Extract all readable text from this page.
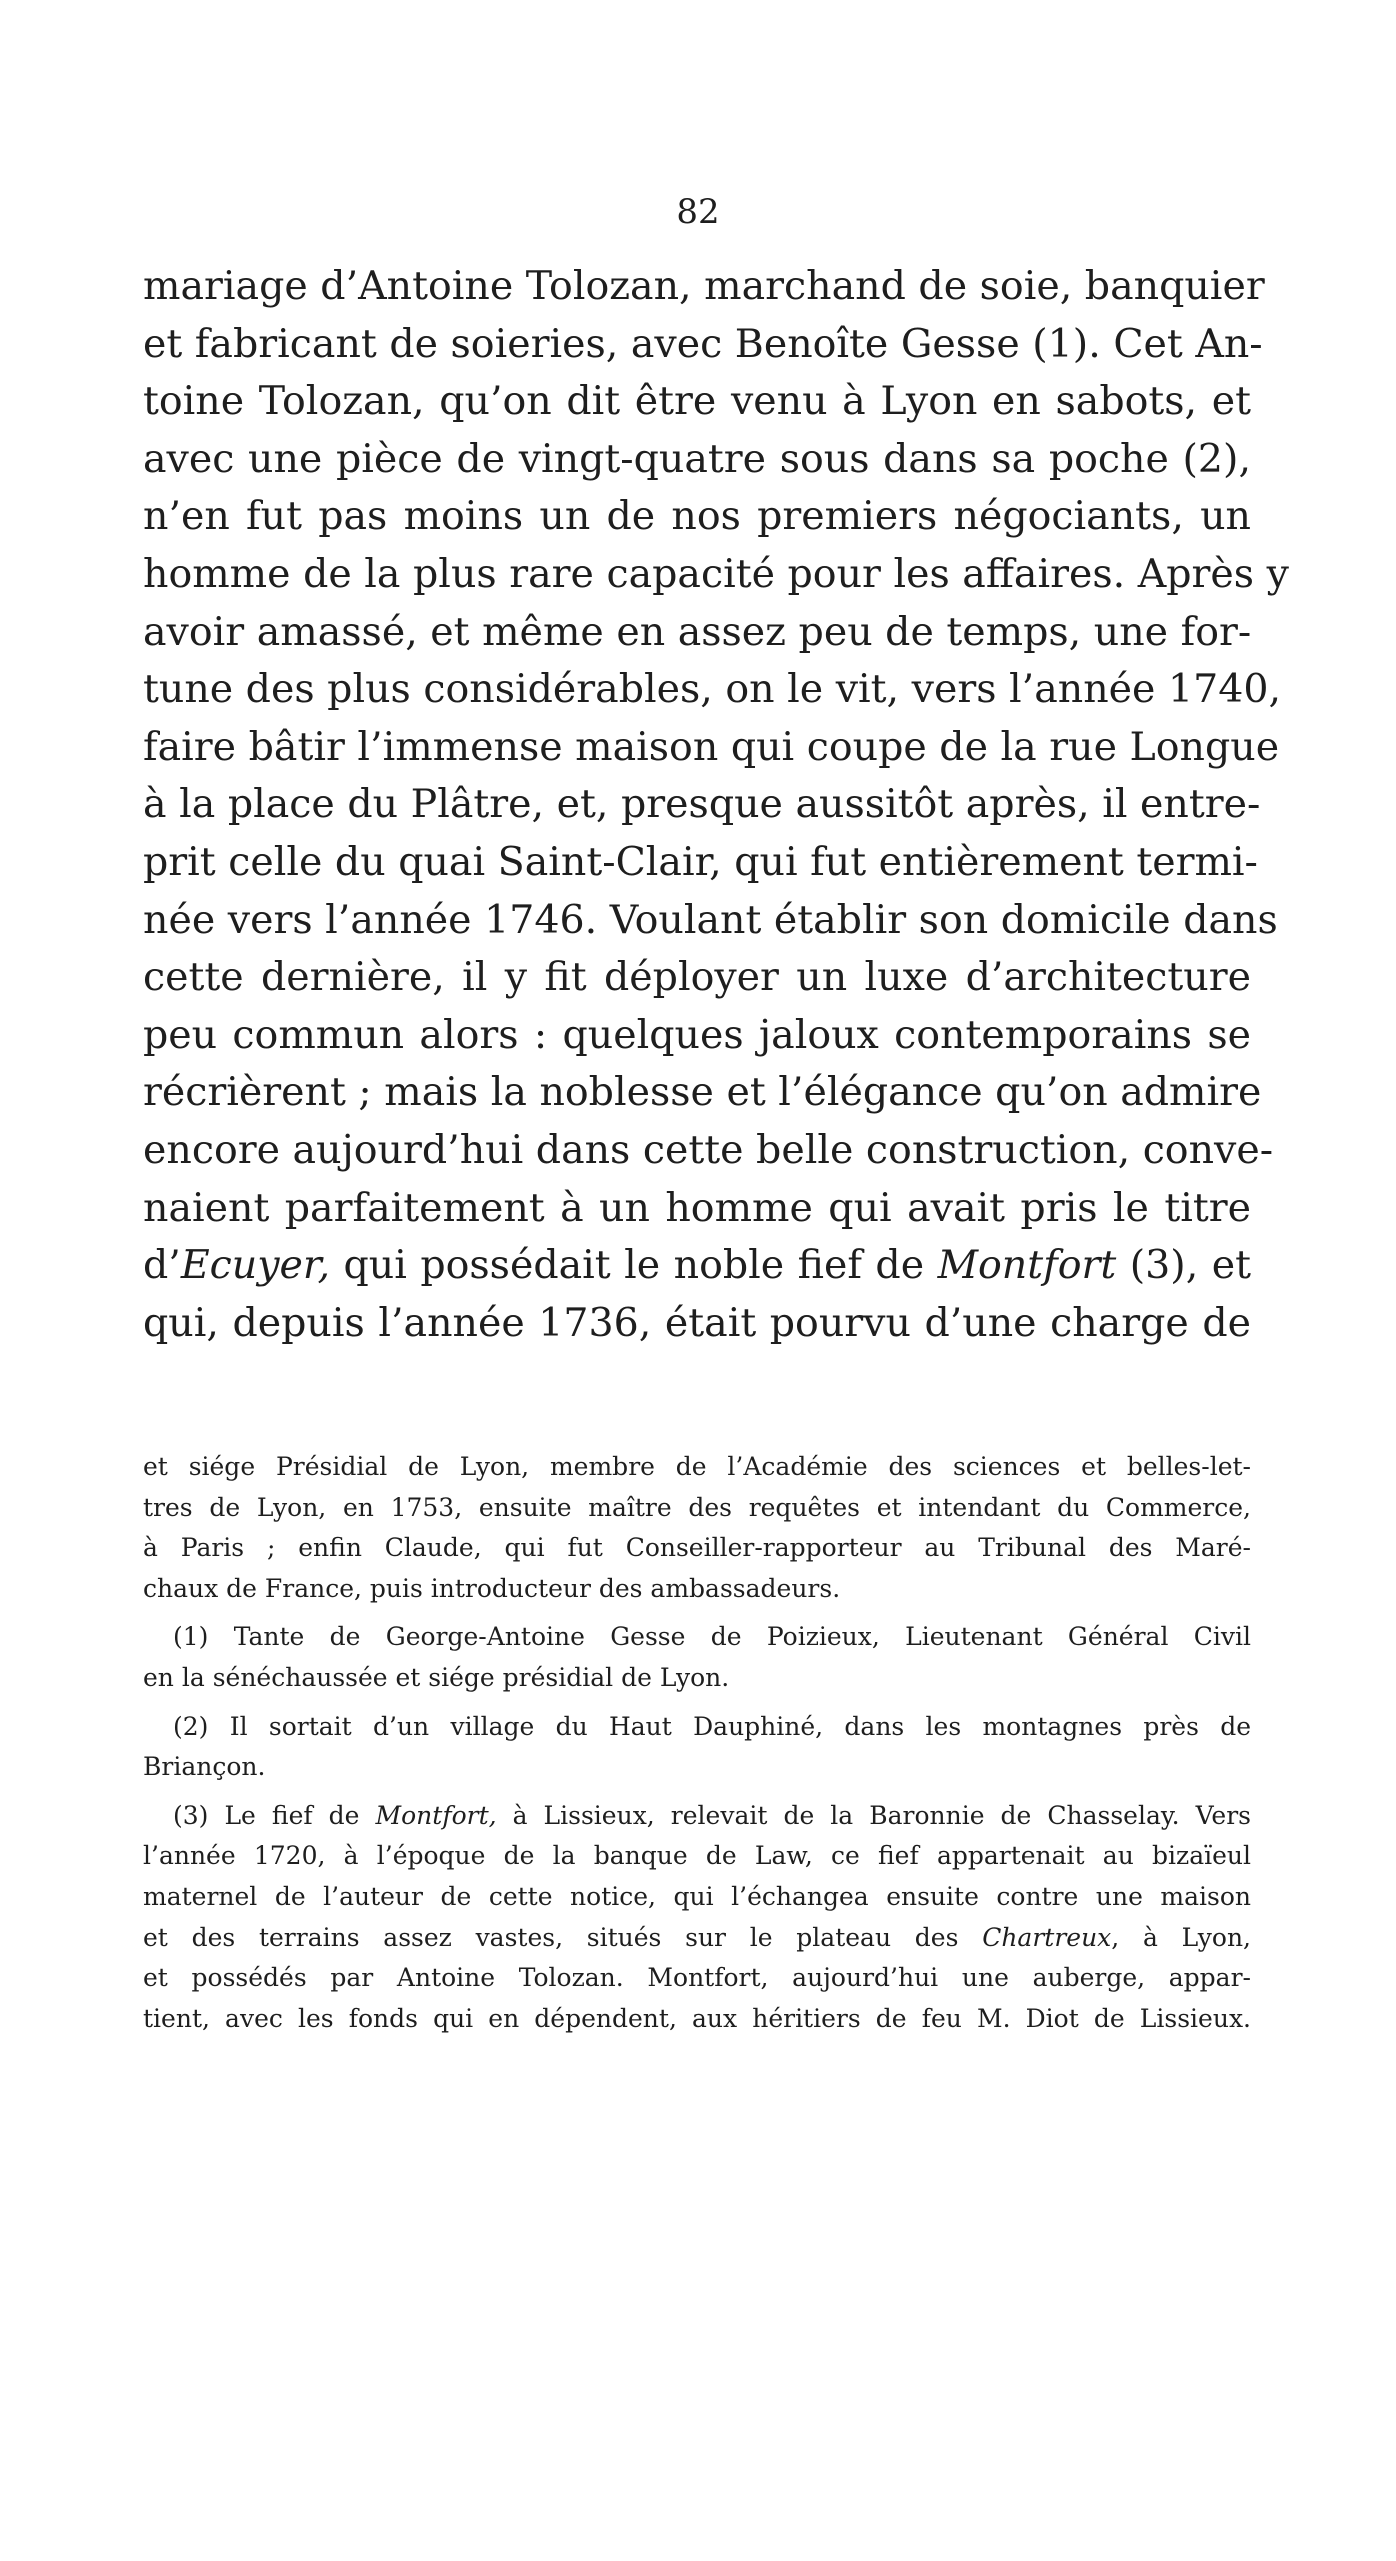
82
mariage d’Antoine Tolozan, marchand de soie, banquier
et fabricant de soieries, avec Benoîte Gesse (1). Cet An-
toine Tolozan, qu’on dit être venu à Lyon en sabots, et
avec une pièce de vingt-quatre sous dans sa poche (2),
n’en fut pas moins un de nos premiers négociants, un
homme de la plus rare capacité pour les affaires. Après y
avoir amassé, et même en assez peu de temps, une for-
tune des plus considérables, on le vit, vers l’année 1740,
faire bâtir l’immense maison qui coupe de la rue Longue
à la place du Plâtre, et, presque aussitôt après, il entre-
prit celle du quai Saint-Clair, qui fut entièrement termi-
née vers l’année 1746. Voulant établir son domicile dans
cette dernière, il y fit déployer un luxe d’architecture
peu commun alors : quelques jaloux contemporains se
récrièrent ; mais la noblesse et l’élégance qu’on admire
encore aujourd’hui dans cette belle construction, conve-
naient parfaitement à un homme qui avait pris le titre
d’Ecuyer, qui possédait le noble fief de Montfort (3), et
qui, depuis l’année 1736, était pourvu d’une charge de
et siége Présidial de Lyon, membre de l’Académie des sciences et belles-let-
tres de Lyon, en 1753, ensuite maître des requêtes et intendant du Commerce,
à Paris ; enfin Claude, qui fut Conseiller-rapporteur au Tribunal des Maré-
chaux de France, puis introducteur des ambassadeurs.
(1) Tante de George-Antoine Gesse de Poizieux, Lieutenant Général Civil
en la sénéchaussée et siége présidial de Lyon.
(2) Il sortait d’un village du Haut Dauphiné, dans les montagnes près de
Briançon.
(3) Le fief de Montfort, à Lissieux, relevait de la Baronnie de Chasselay. Vers
l’année 1720, à l’époque de la banque de Law, ce fief appartenait au bizaïeul
maternel de l’auteur de cette notice, qui l’échangea ensuite contre une maison
et des terrains assez vastes, situés sur le plateau des Chartreux, à Lyon,
et possédés par Antoine Tolozan. Montfort, aujourd’hui une auberge, appar-
tient, avec les fonds qui en dépendent, aux héritiers de feu M. Diot de Lissieux.
